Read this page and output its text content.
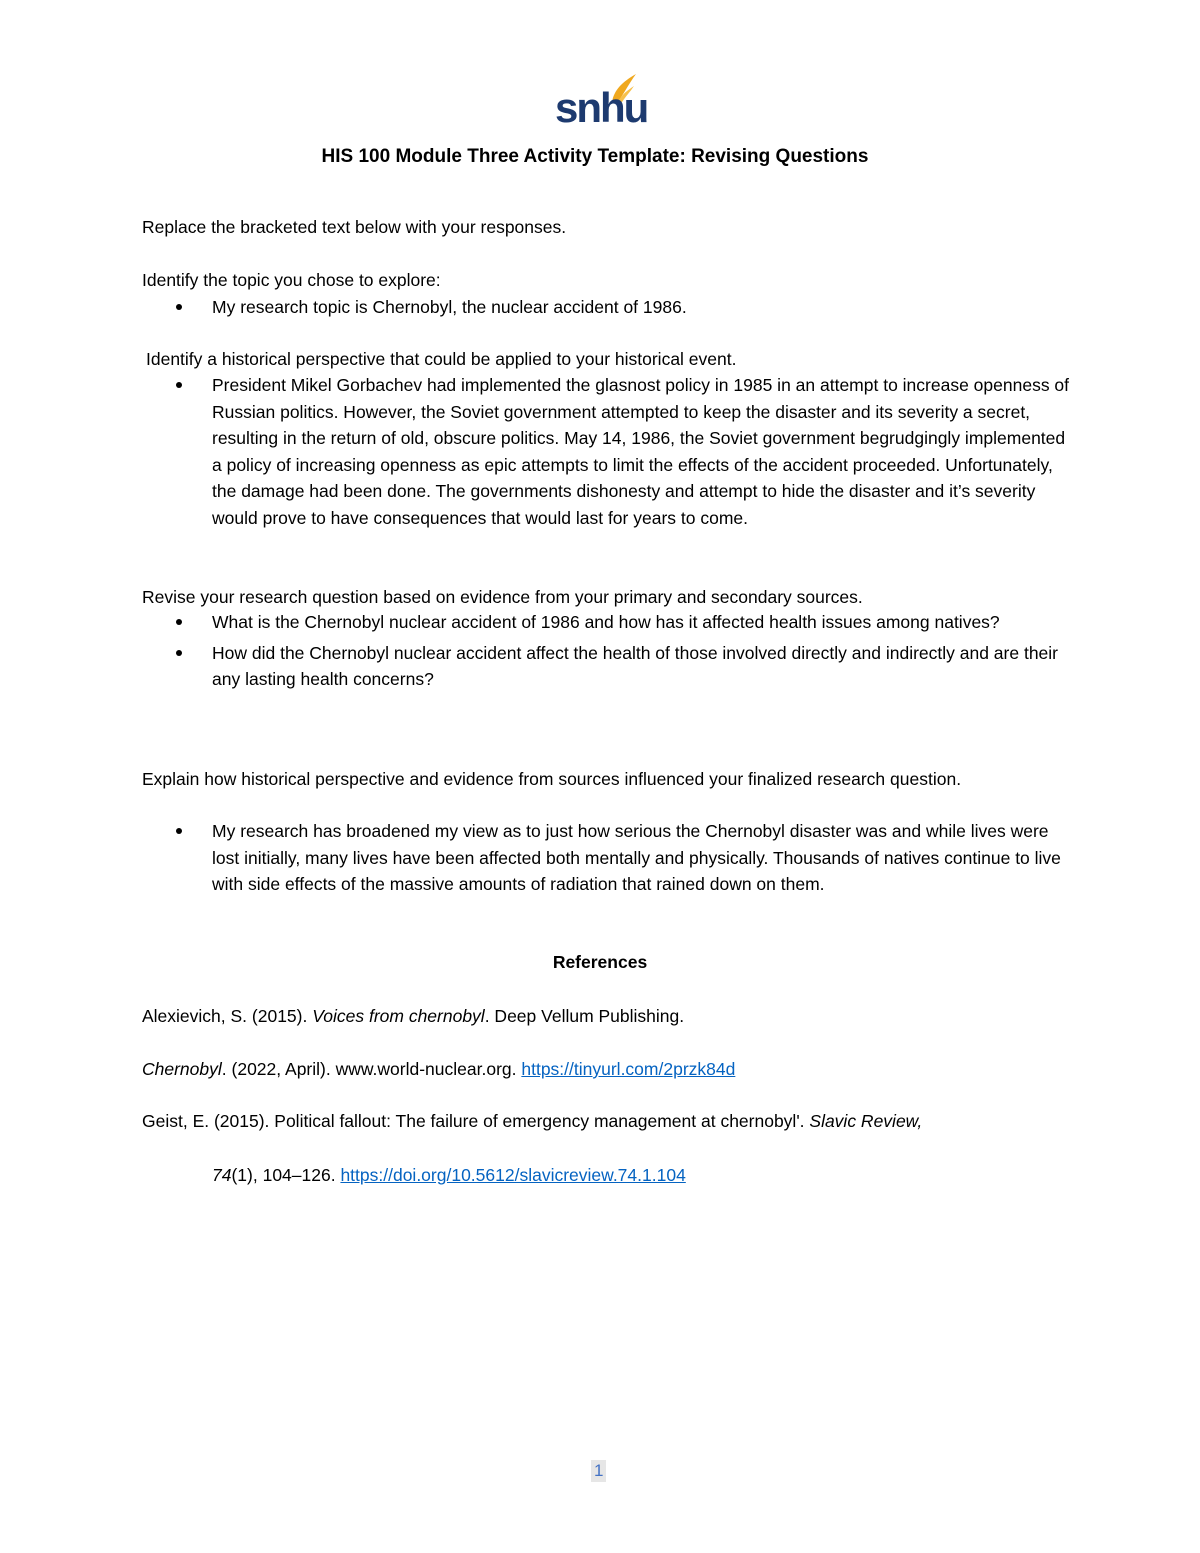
snhu
HIS 100 Module Three Activity Template: Revising Questions
Replace the bracketed text below with your responses.
Identify the topic you chose to explore:
My research topic is Chernobyl, the nuclear accident of 1986.
Identify a historical perspective that could be applied to your historical event.
President Mikel Gorbachev had implemented the glasnost policy in 1985 in an attempt to increase openness of Russian politics. However, the Soviet government attempted to keep the disaster and its severity a secret, resulting in the return of old, obscure politics. May 14, 1986, the Soviet government begrudgingly implemented a policy of increasing openness as epic attempts to limit the effects of the accident proceeded. Unfortunately, the damage had been done. The governments dishonesty and attempt to hide the disaster and it’s severity would prove to have consequences that would last for years to come.
Revise your research question based on evidence from your primary and secondary sources.
What is the Chernobyl nuclear accident of 1986 and how has it affected health issues among natives?
How did the Chernobyl nuclear accident affect the health of those involved directly and indirectly and are their any lasting health concerns?
Explain how historical perspective and evidence from sources influenced your finalized research question.
My research has broadened my view as to just how serious the Chernobyl disaster was and while lives were lost initially, many lives have been affected both mentally and physically. Thousands of natives continue to live with side effects of the massive amounts of radiation that rained down on them.
References
Alexievich, S. (2015). Voices from chernobyl. Deep Vellum Publishing.
Chernobyl. (2022, April). www.world-nuclear.org. https://tinyurl.com/2przk84d
Geist, E. (2015). Political fallout: The failure of emergency management at chernobyl'. Slavic Review,
74(1), 104–126. https://doi.org/10.5612/slavicreview.74.1.104
1
